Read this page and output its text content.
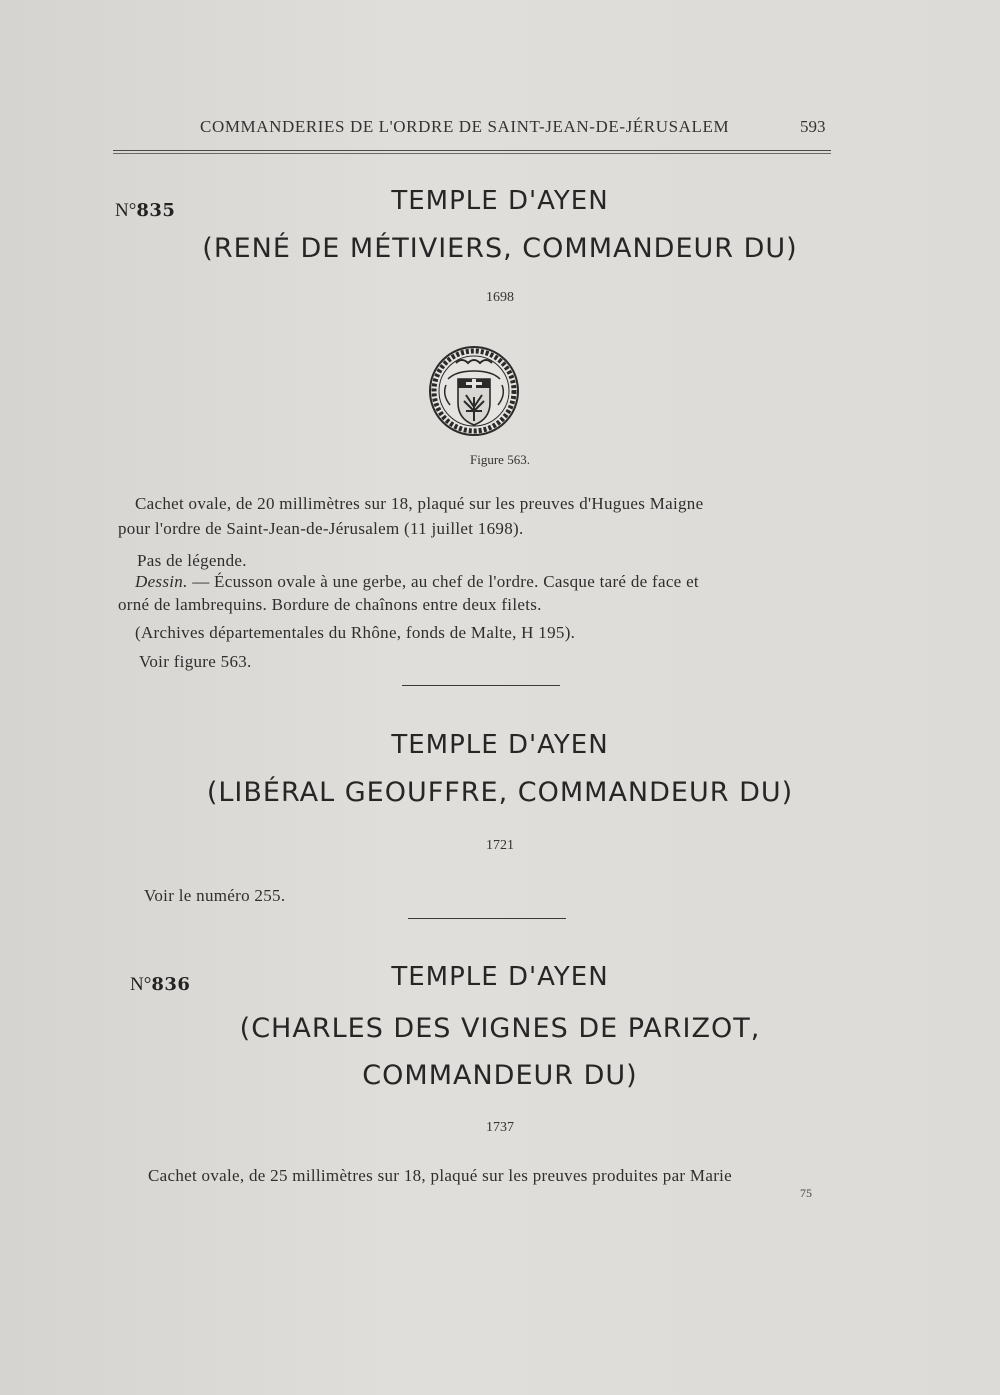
COMMANDERIES DE L'ORDRE DE SAINT-JEAN-DE-JÉRUSALEM	593
N°835	TEMPLE D'AYEN
(RENÉ DE MÉTIVIERS, COMMANDEUR DU)
1698
Figure 563.
Cachet ovale, de 20 millimètres sur 18, plaqué sur les preuves d'Hugues Maigne
pour l'ordre de Saint-Jean-de-Jérusalem (11 juillet 1698).
Pas de légende.
Dessin. — Écusson ovale à une gerbe, au chef de l'ordre. Casque taré de face et
orné de lambrequins. Bordure de chaînons entre deux filets.
(Archives départementales du Rhône, fonds de Malte, H 195).
Voir figure 563.
TEMPLE D'AYEN
(LIBÉRAL GEOUFFRE, COMMANDEUR DU)
1721
Voir le numéro 255.
N°836	TEMPLE D'AYEN
(CHARLES DES VIGNES DE PARIZOT,
COMMANDEUR DU)
1737
Cachet ovale, de 25 millimètres sur 18, plaqué sur les preuves produites par Marie
75
